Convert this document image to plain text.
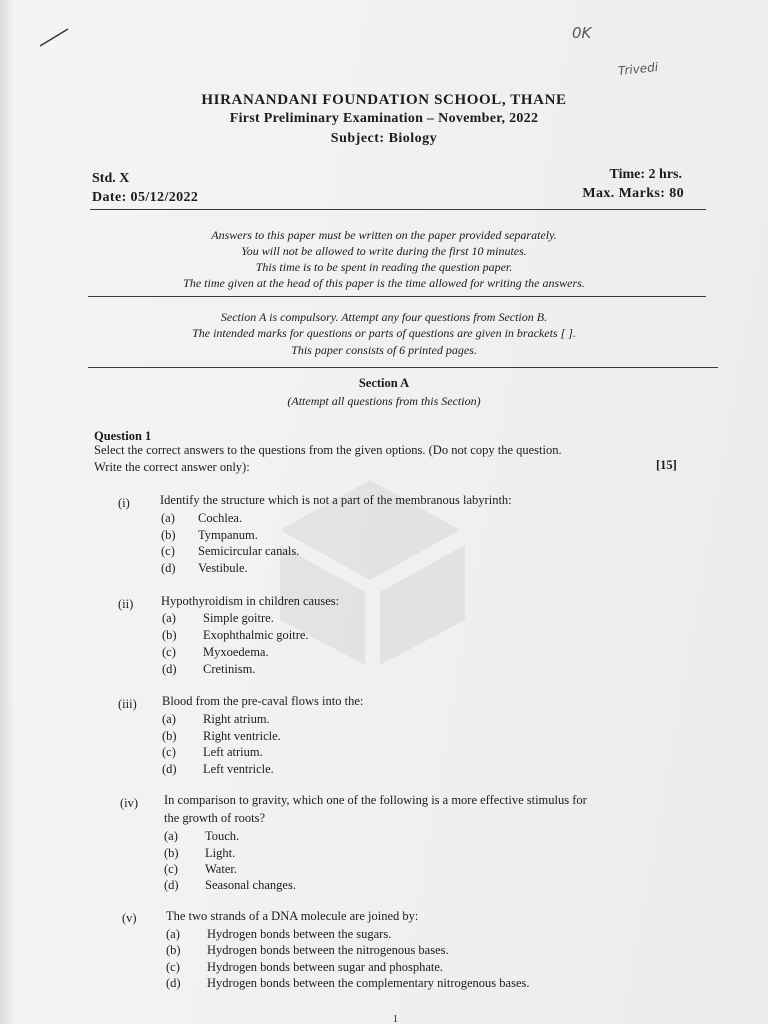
0K
Trivedi
HIRANANDANI FOUNDATION SCHOOL, THANE
First Preliminary Examination – November, 2022
Subject: Biology
Std. X
Date: 05/12/2022
Time: 2 hrs.
Max. Marks: 80
Answers to this paper must be written on the paper provided separately.
You will not be allowed to write during the first 10 minutes.
This time is to be spent in reading the question paper.
The time given at the head of this paper is the time allowed for writing the answers.
Section A is compulsory. Attempt any four questions from Section B.
The intended marks for questions or parts of questions are given in brackets [ ].
This paper consists of 6 printed pages.
Section A
(Attempt all questions from this Section)
Question 1
Select the correct answers to the questions from the given options. (Do not copy the question.
Write the correct answer only):	[15]
(i) Identify the structure which is not a part of the membranous labyrinth:
(a) Cochlea.
(b) Tympanum.
(c) Semicircular canals.
(d) Vestibule.
(ii) Hypothyroidism in children causes:
(a) Simple goitre.
(b) Exophthalmic goitre.
(c) Myxoedema.
(d) Cretinism.
(iii) Blood from the pre-caval flows into the:
(a) Right atrium.
(b) Right ventricle.
(c) Left atrium.
(d) Left ventricle.
(iv) In comparison to gravity, which one of the following is a more effective stimulus for
the growth of roots?
(a) Touch.
(b) Light.
(c) Water.
(d) Seasonal changes.
(v) The two strands of a DNA molecule are joined by:
(a) Hydrogen bonds between the sugars.
(b) Hydrogen bonds between the nitrogenous bases.
(c) Hydrogen bonds between sugar and phosphate.
(d) Hydrogen bonds between the complementary nitrogenous bases.
1
